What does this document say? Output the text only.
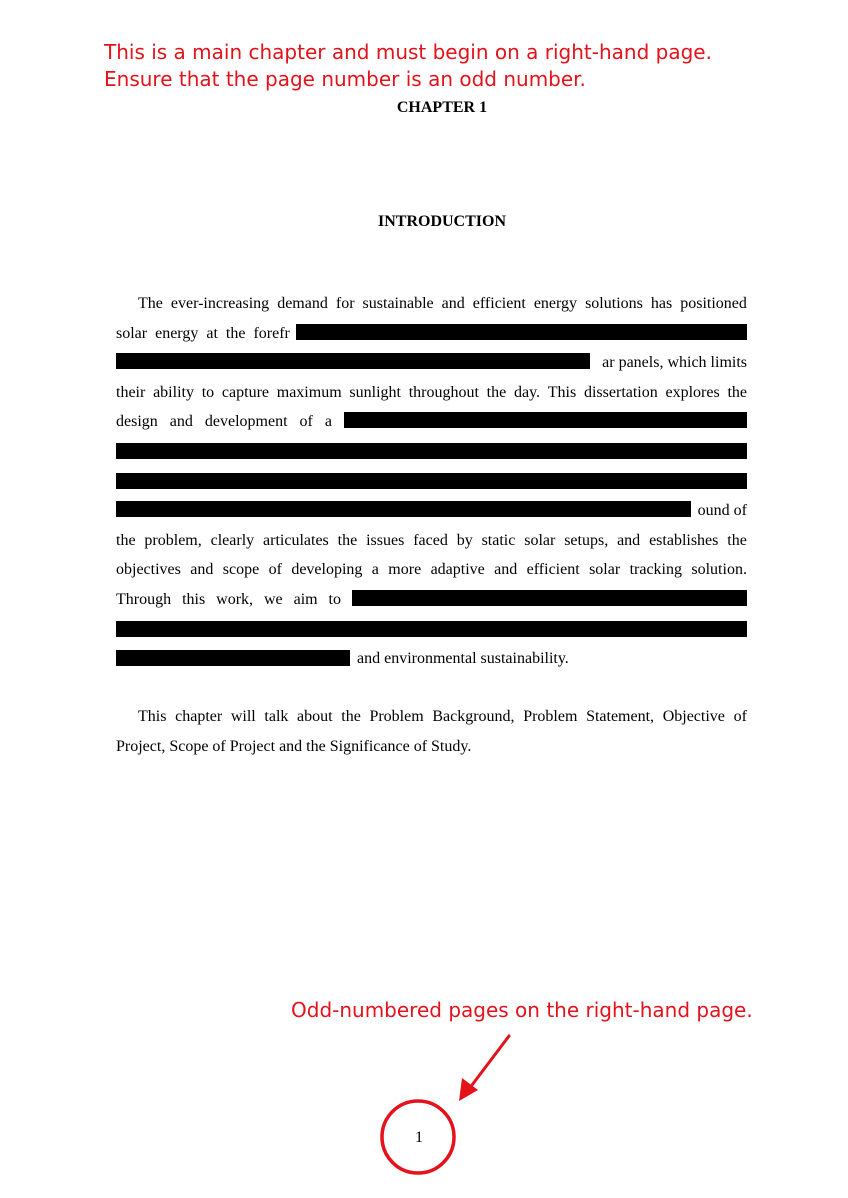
This is a main chapter and must begin on a right-hand page.
Ensure that the page number is an odd number.
Odd-numbered pages on the right-hand page.
CHAPTER 1
INTRODUCTION
The ever-increasing demand for sustainable and efficient energy solutions has positioned
solar energy at the forefr
ar panels, which limits
their ability to capture maximum sunlight throughout the day. This dissertation explores the
design and development of a
ound of
the problem, clearly articulates the issues faced by static solar setups, and establishes the
objectives and scope of developing a more adaptive and efficient solar tracking solution.
Through this work, we aim to
and environmental sustainability.
This chapter will talk about the Problem Background, Problem Statement, Objective of
Project, Scope of Project and the Significance of Study.
1
